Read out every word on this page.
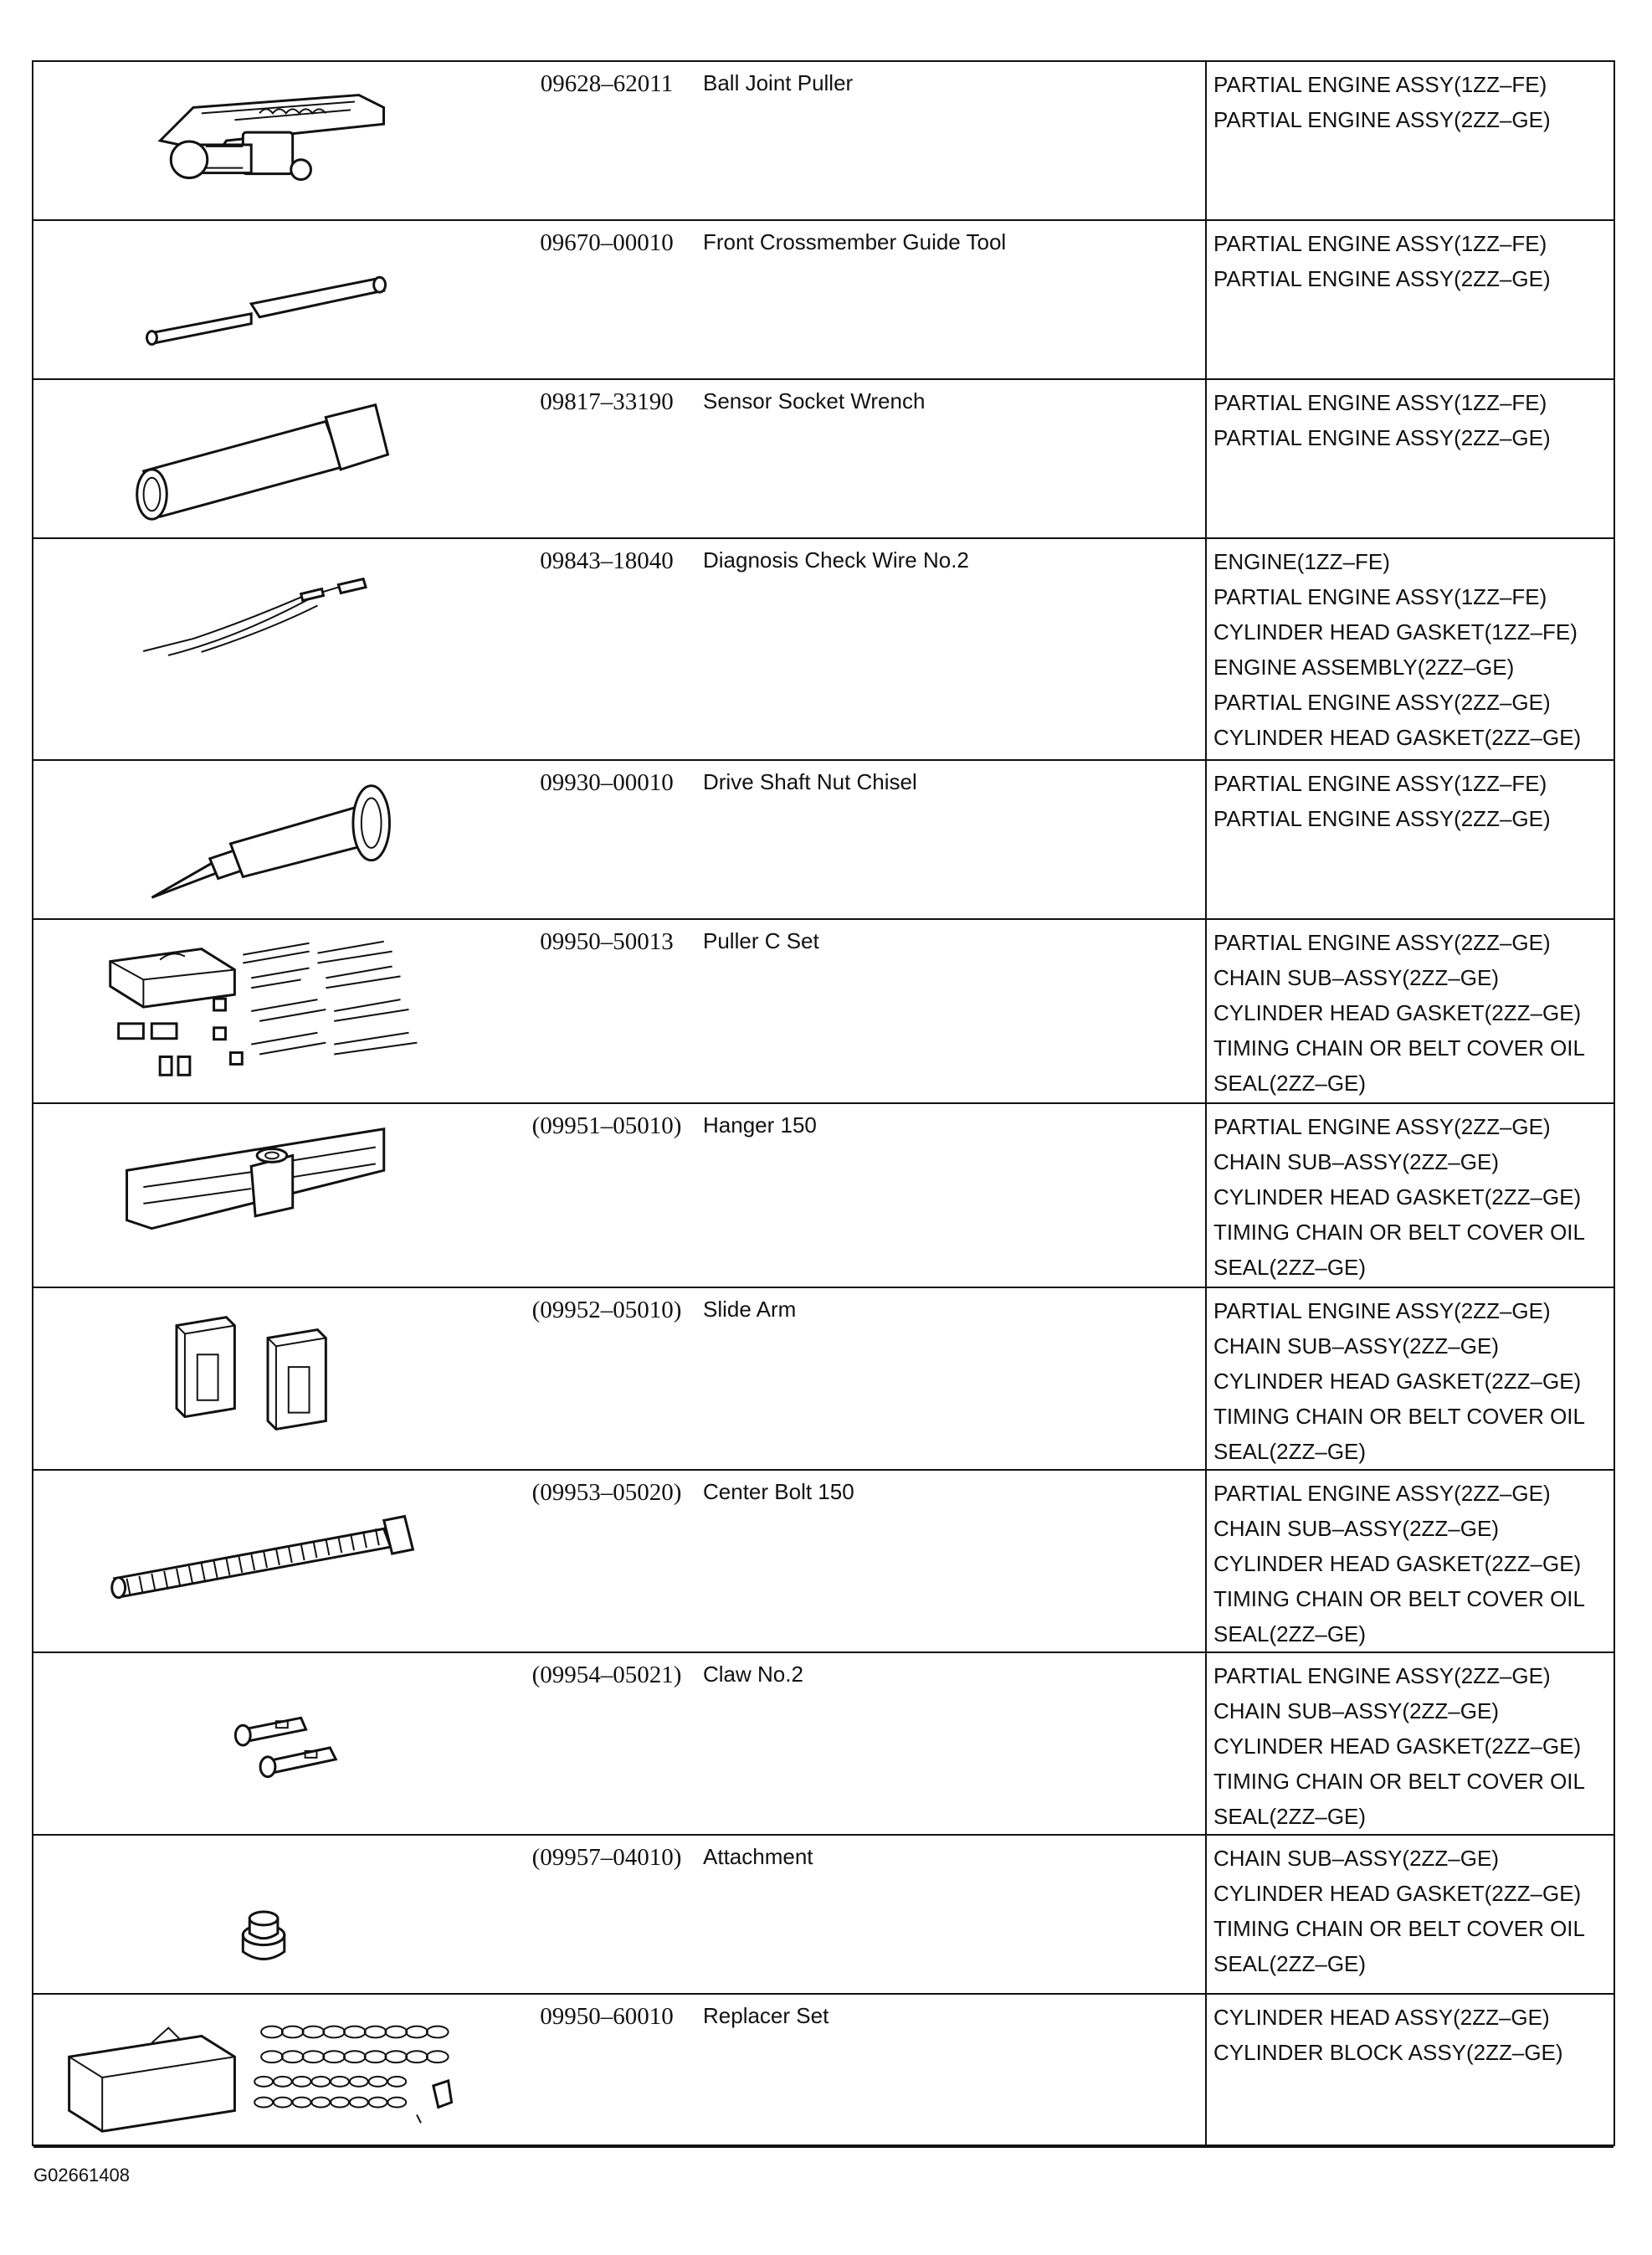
09628–62011	Ball Joint Puller	PARTIAL ENGINE ASSY(1ZZ–FE)
PARTIAL ENGINE ASSY(2ZZ–GE)
09670–00010	Front Crossmember Guide Tool	PARTIAL ENGINE ASSY(1ZZ–FE)
PARTIAL ENGINE ASSY(2ZZ–GE)
09817–33190	Sensor Socket Wrench	PARTIAL ENGINE ASSY(1ZZ–FE)
PARTIAL ENGINE ASSY(2ZZ–GE)
09843–18040	Diagnosis Check Wire No.2	ENGINE(1ZZ–FE)
PARTIAL ENGINE ASSY(1ZZ–FE)
CYLINDER HEAD GASKET(1ZZ–FE)
ENGINE ASSEMBLY(2ZZ–GE)
PARTIAL ENGINE ASSY(2ZZ–GE)
CYLINDER HEAD GASKET(2ZZ–GE)
09930–00010	Drive Shaft Nut Chisel	PARTIAL ENGINE ASSY(1ZZ–FE)
PARTIAL ENGINE ASSY(2ZZ–GE)
09950–50013	Puller C Set	PARTIAL ENGINE ASSY(2ZZ–GE)
CHAIN SUB–ASSY(2ZZ–GE)
CYLINDER HEAD GASKET(2ZZ–GE)
TIMING CHAIN OR BELT COVER OIL
SEAL(2ZZ–GE)
(09951–05010) Hanger 150	PARTIAL ENGINE ASSY(2ZZ–GE)
CHAIN SUB–ASSY(2ZZ–GE)
CYLINDER HEAD GASKET(2ZZ–GE)
TIMING CHAIN OR BELT COVER OIL
SEAL(2ZZ–GE)
(09952–05010) Slide Arm	PARTIAL ENGINE ASSY(2ZZ–GE)
CHAIN SUB–ASSY(2ZZ–GE)
CYLINDER HEAD GASKET(2ZZ–GE)
TIMING CHAIN OR BELT COVER OIL
SEAL(2ZZ–GE)
(09953–05020) Center Bolt 150	PARTIAL ENGINE ASSY(2ZZ–GE)
CHAIN SUB–ASSY(2ZZ–GE)
CYLINDER HEAD GASKET(2ZZ–GE)
TIMING CHAIN OR BELT COVER OIL
SEAL(2ZZ–GE)
(09954–05021) Claw No.2	PARTIAL ENGINE ASSY(2ZZ–GE)
CHAIN SUB–ASSY(2ZZ–GE)
CYLINDER HEAD GASKET(2ZZ–GE)
TIMING CHAIN OR BELT COVER OIL
SEAL(2ZZ–GE)
(09957–04010) Attachment	CHAIN SUB–ASSY(2ZZ–GE)
CYLINDER HEAD GASKET(2ZZ–GE)
TIMING CHAIN OR BELT COVER OIL
SEAL(2ZZ–GE)
09950–60010	Replacer Set	CYLINDER HEAD ASSY(2ZZ–GE)
CYLINDER BLOCK ASSY(2ZZ–GE)
G02661408
